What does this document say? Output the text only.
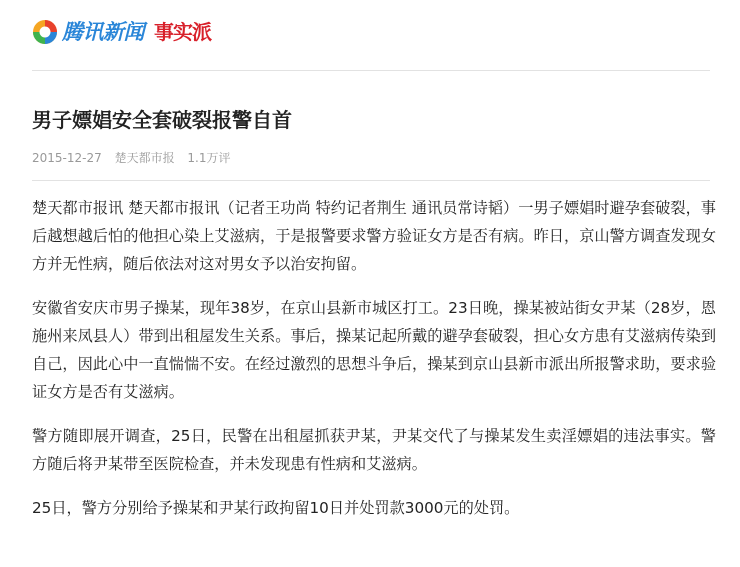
腾讯新闻 事实派
男子嫖娼安全套破裂报警自首
2015-12-27 楚天都市报 1.1万评

楚天都市报讯 楚天都市报讯（记者王功尚 特约记者荆生 通讯员常诗韬）一男子嫖娼时避孕套破裂，事后越想越后怕的他担心染上艾滋病，于是报警要求警方验证女方是否有病。昨日，京山警方调查发现女方并无性病，随后依法对这对男女予以治安拘留。

安徽省安庆市男子操某，现年38岁，在京山县新市城区打工。23日晚，操某被站街女尹某（28岁，恩施州来凤县人）带到出租屋发生关系。事后，操某记起所戴的避孕套破裂，担心女方患有艾滋病传染到自己，因此心中一直惴惴不安。在经过激烈的思想斗争后，操某到京山县新市派出所报警求助，要求验证女方是否有艾滋病。

警方随即展开调查，25日，民警在出租屋抓获尹某，尹某交代了与操某发生卖淫嫖娼的违法事实。警方随后将尹某带至医院检查，并未发现患有性病和艾滋病。

25日，警方分别给予操某和尹某行政拘留10日并处罚款3000元的处罚。
